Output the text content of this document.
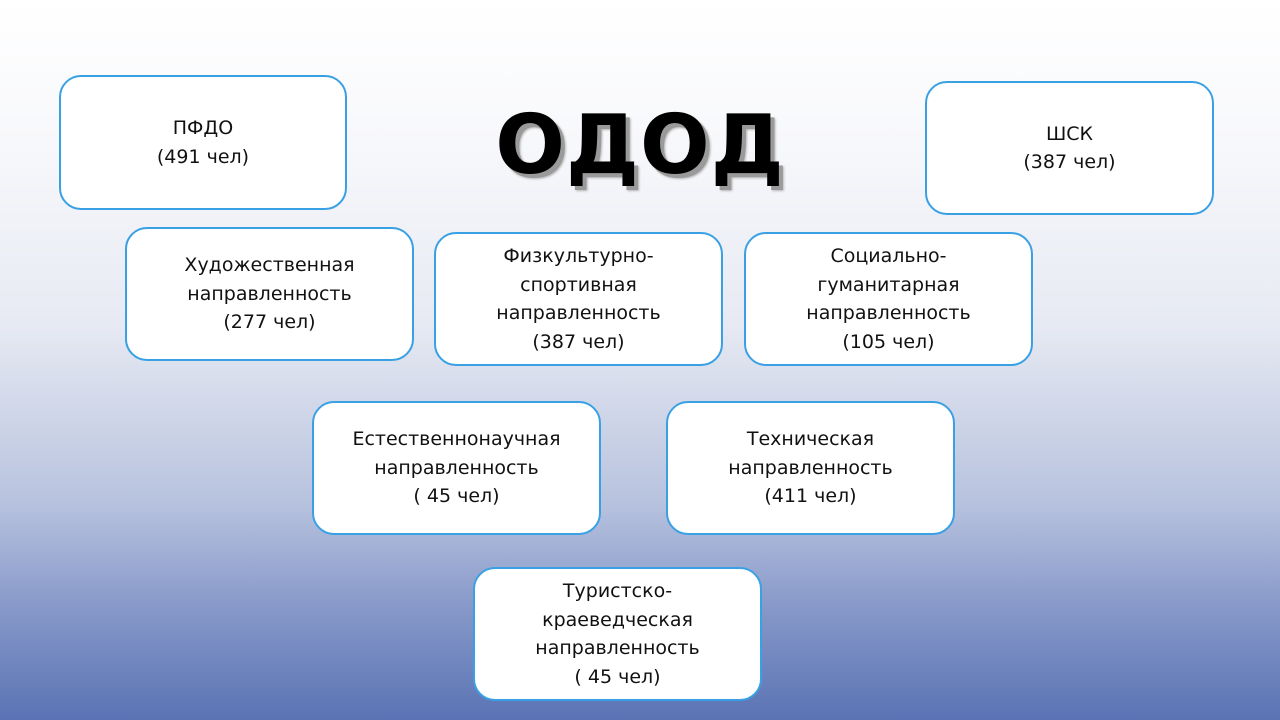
ОДОД
ПФДО
(491 чел)
ШСК
(387 чел)
Художественная
направленность
(277 чел)
Физкультурно-
спортивная
направленность
(387 чел)
Социально-
гуманитарная
направленность
(105 чел)
Естественнонаучная
направленность
( 45 чел)
Техническая
направленность
(411 чел)
Туристско-
краеведческая
направленность
( 45 чел)
